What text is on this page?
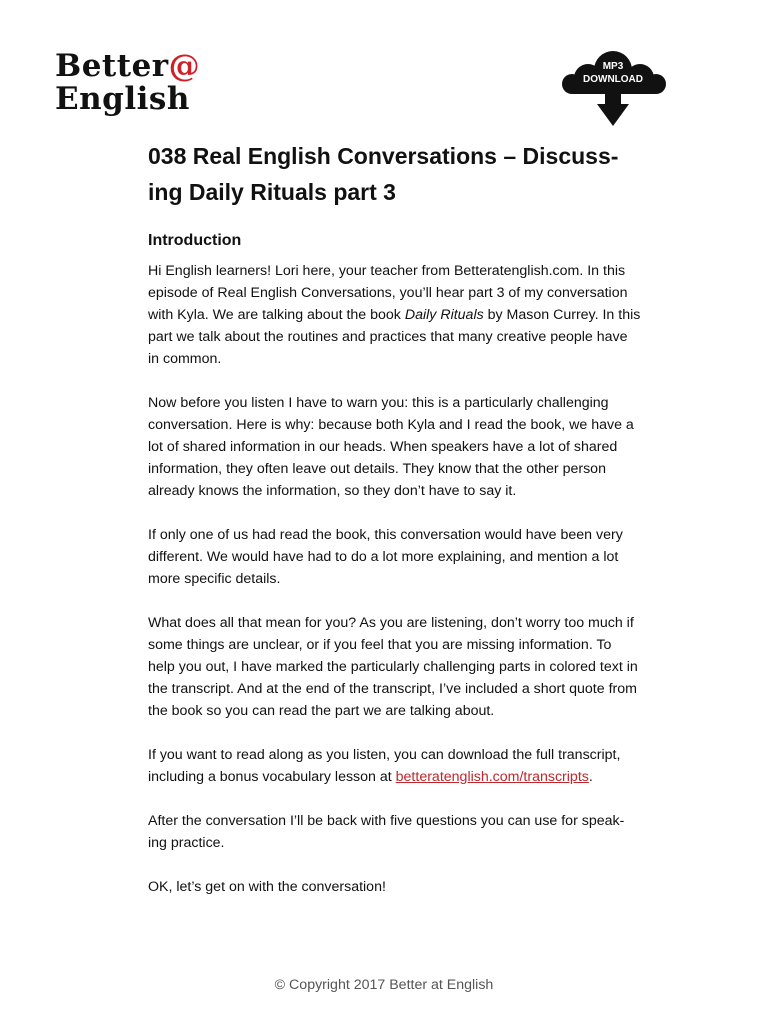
Better@
English
MP3
DOWNLOAD
038 Real English Conversations – Discuss-
ing Daily Rituals part 3
Introduction

Hi English learners! Lori here, your teacher from Betteratenglish.com. In this episode of Real English Conversations, you’ll hear part 3 of my conversation with Kyla. We are talking about the book Daily Rituals by Mason Currey. In this part we talk about the routines and practices that many creative people have in common.

Now before you listen I have to warn you: this is a particularly challenging conversation. Here is why: because both Kyla and I read the book, we have a lot of shared information in our heads. When speakers have a lot of shared information, they often leave out details. They know that the other person already knows the information, so they don’t have to say it.

If only one of us had read the book, this conversation would have been very different. We would have had to do a lot more explaining, and mention a lot more specific details.

What does all that mean for you? As you are listening, don’t worry too much if some things are unclear, or if you feel that you are missing information. To help you out, I have marked the particularly challenging parts in colored text in the transcript. And at the end of the transcript, I’ve included a short quote from the book so you can read the part we are talking about.

If you want to read along as you listen, you can download the full transcript, including a bonus vocabulary lesson at betteratenglish.com/transcripts.

After the conversation I’ll be back with five questions you can use for speak-ing practice.

OK, let’s get on with the conversation!

© Copyright 2017 Better at English
